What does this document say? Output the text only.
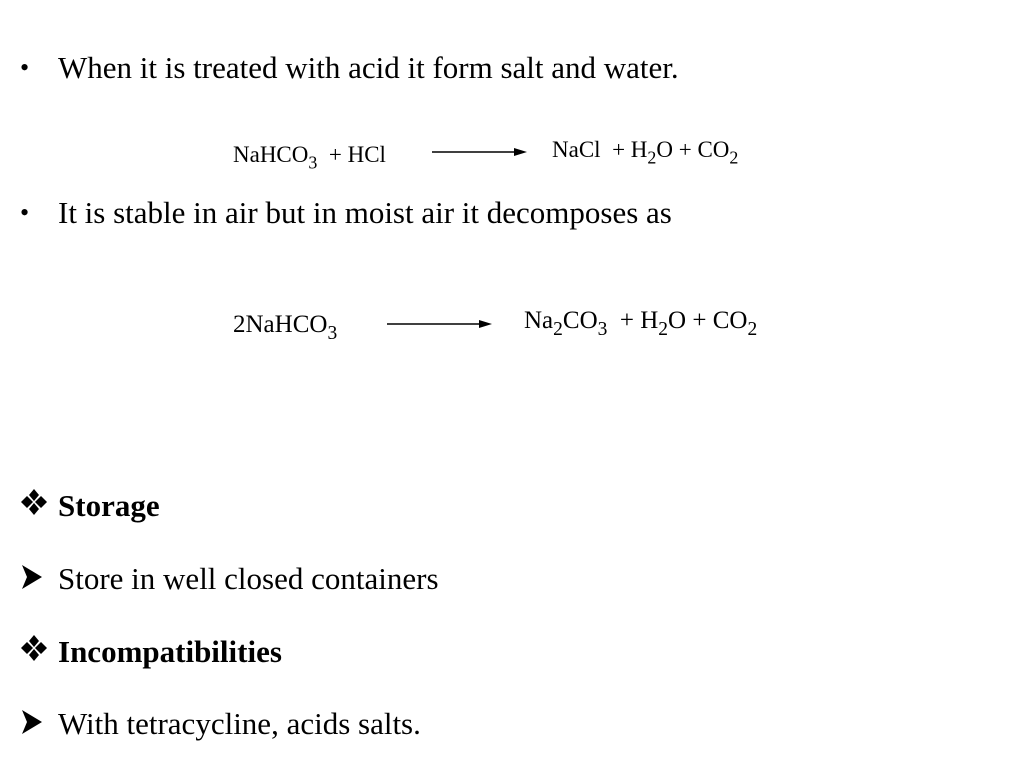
• When it is treated with acid it form salt and water.
NaHCO$_3$ + HCl	NaCl + $H_2O + CO_2$
• It is stable in air but in moist air it decomposes as
2NaHCO$_3$	$Na_2CO_3 + H_2O + CO_2$
Storage
Store in well closed containers
Incompatibilities
With tetracycline, acids salts.
